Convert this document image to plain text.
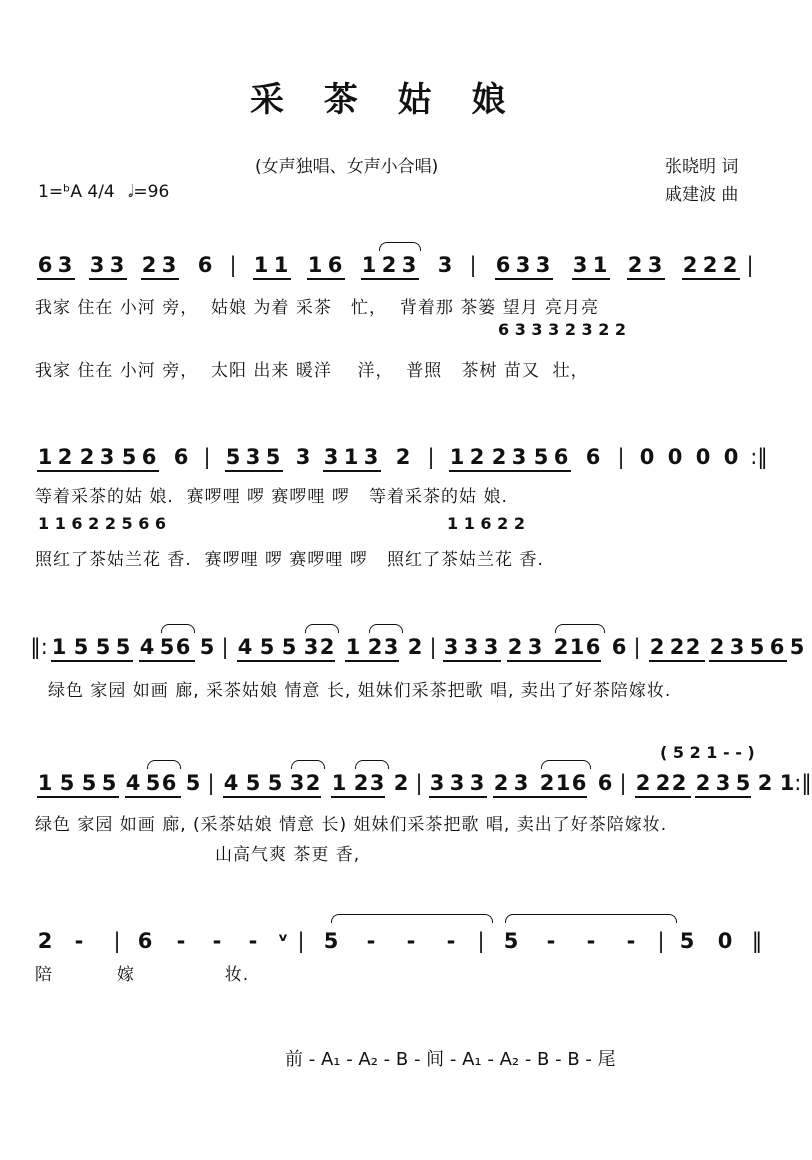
采 茶 姑 娘
(女声独唱、女声小合唱)	张晓明 词
戚建波 曲
1=ᵇA 4/4 𝅗𝅥=96
6 3 3 3 2 3 6 | 1 1 1 6 1 2 3 3 | 6 3 3 3 1 2 3 2 2 2 |
我家 住在 小河 旁，  姑娘 为着 采茶   忙，  背着那 茶篓 望月 亮月亮
6 3 3 3 2 3 2 2
我家 住在 小河 旁，  太阳 出来 暖洋    洋，  普照   茶树 苗又  壮，
1 2 2 3 5 6 6 | 5 3 5 3 3 1 3 2 | 1 2 2 3 5 6 6 | 0 0 0 0 :‖
等着采茶的姑 娘.  赛啰哩 啰 赛啰哩 啰   等着采茶的姑 娘.
1 1 6 2 2 5 6 6	1 1 6 2 2
照红了茶姑兰花 香.  赛啰哩 啰 赛啰哩 啰   照红了茶姑兰花 香.
‖: 1 5 5 5 4 5 6 5 | 4 5 5 3 2 1 2 3 2 | 3 3 3 2 3 2 1 6 6 | 2 2 2 2 3 5 6 5
绿色 家园 如画 廊, 采茶姑娘 情意 长, 姐妹们采茶把歌 唱, 卖出了好茶陪嫁妆.
( 5 2 1 - - )
1 5 5 5 4 5 6 5 | 4 5 5 3 2 1 2 3 2 | 3 3 3 2 3 2 1 6 6 | 2 2 2 2 3 5 2 1 :‖
绿色 家园 如画 廊, (采茶姑娘 情意 长) 姐妹们采茶把歌 唱, 卖出了好茶陪嫁妆.
山高气爽 茶更 香,
2 - | 6 - - - ᵛ | 5 - - - | 5 - - - | 5 0 ‖
陪          嫁              妆.
前 - A₁ - A₂ - B - 间 - A₁ - A₂ - B - B - 尾
